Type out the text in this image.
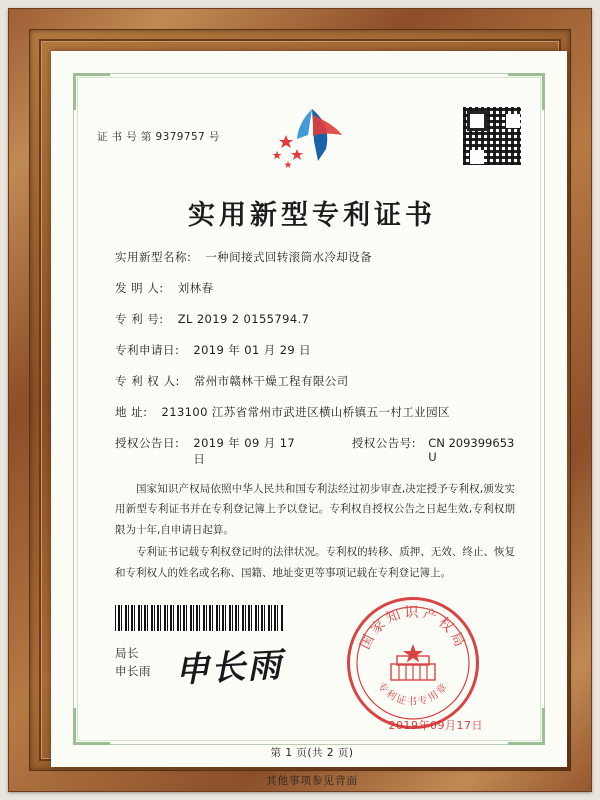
证 书 号 第 9379757 号
实用新型专利证书
实用新型名称: 一种间接式回转滚筒水冷却设备
发 明 人: 刘林春
专 利 号: ZL 2019 2 0155794.7
专利申请日: 2019 年 01 月 29 日
专 利 权 人: 常州市赣林干燥工程有限公司
地 址: 213100 江苏省常州市武进区横山桥镇五一村工业园区
授权公告日: 2019 年 09 月 17 日
授权公告号: CN 209399653 U

国家知识产权局依照中华人民共和国专利法经过初步审查,决定授予专利权,颁发实用新型专利证书并在专利登记簿上予以登记。专利权自授权公告之日起生效,专利权期限为十年,自申请日起算。

专利证书记载专利权登记时的法律状况。专利权的转移、质押、无效、终止、恢复和专利权人的姓名或名称、国籍、地址变更等事项记载在专利登记簿上。

局长
申长雨 申长雨
国家知识产权局
专利证书专用章
2019年09月17日
第 1 页(共 2 页)
其他事项参见背面
